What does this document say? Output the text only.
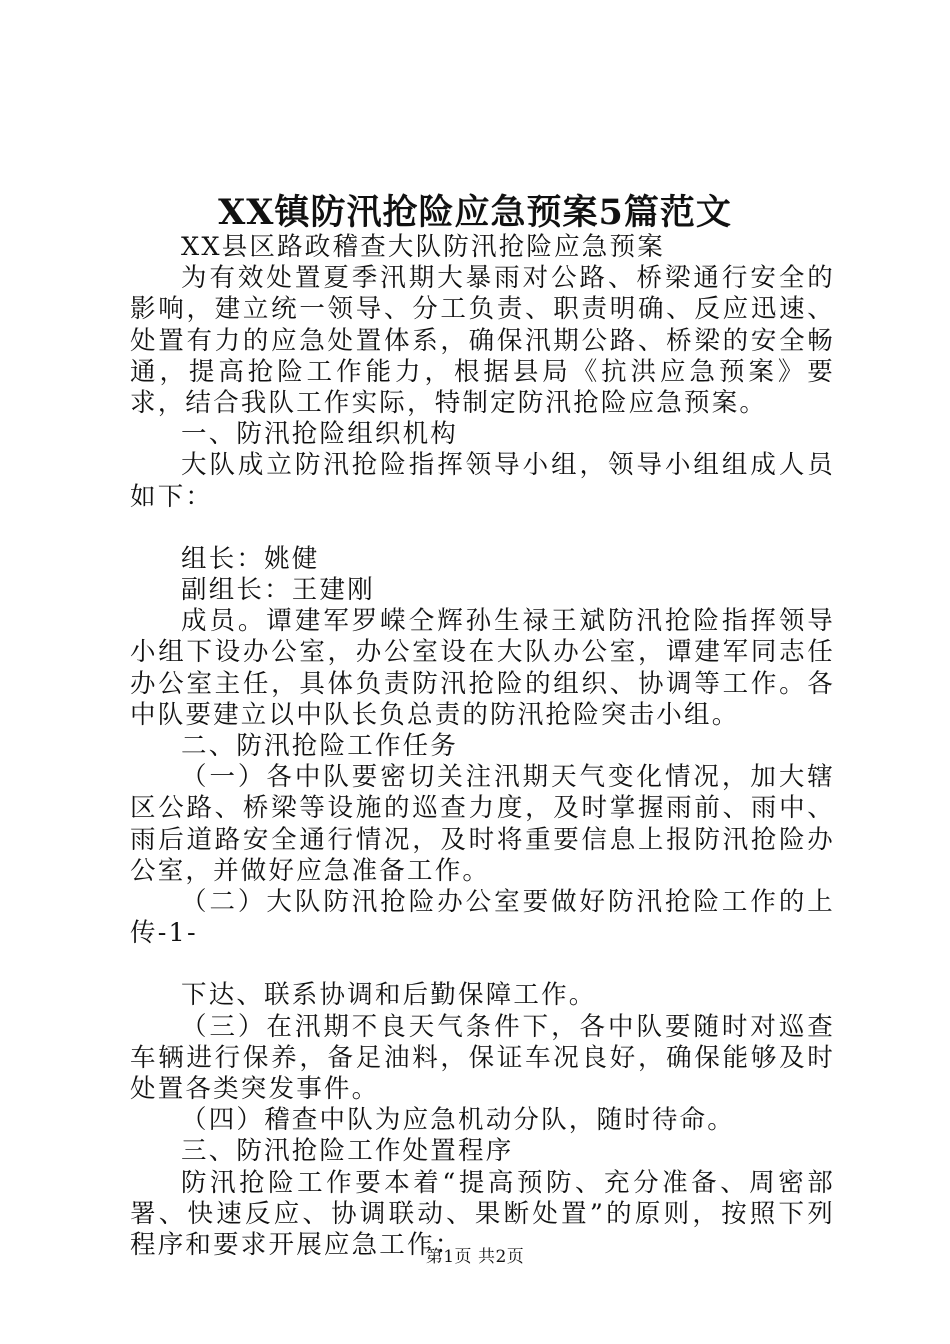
XX镇防汛抢险应急预案5篇范文

XX县区路政稽查大队防汛抢险应急预案

为有效处置夏季汛期大暴雨对公路、桥梁通行安全的影响，建立统一领导、分工负责、职责明确、反应迅速、处置有力的应急处置体系，确保汛期公路、桥梁的安全畅通，提高抢险工作能力，根据县局《抗洪应急预案》要求，结合我队工作实际，特制定防汛抢险应急预案。

一、防汛抢险组织机构

大队成立防汛抢险指挥领导小组，领导小组组成人员如下：

组长：姚健

副组长：王建刚

成员。谭建军罗嵘仝辉孙生禄王斌防汛抢险指挥领导小组下设办公室，办公室设在大队办公室，谭建军同志任办公室主任，具体负责防汛抢险的组织、协调等工作。各中队要建立以中队长负总责的防汛抢险突击小组。

二、防汛抢险工作任务

（一）各中队要密切关注汛期天气变化情况，加大辖区公路、桥梁等设施的巡查力度，及时掌握雨前、雨中、雨后道路安全通行情况，及时将重要信息上报防汛抢险办公室，并做好应急准备工作。

（二）大队防汛抢险办公室要做好防汛抢险工作的上传-1-

下达、联系协调和后勤保障工作。

（三）在汛期不良天气条件下，各中队要随时对巡查车辆进行保养，备足油料，保证车况良好，确保能够及时处置各类突发事件。

（四）稽查中队为应急机动分队，随时待命。

三、防汛抢险工作处置程序

防汛抢险工作要本着“提高预防、充分准备、周密部署、快速反应、协调联动、果断处置”的原则，按照下列程序和要求开展应急工作：

第1页 共2页
